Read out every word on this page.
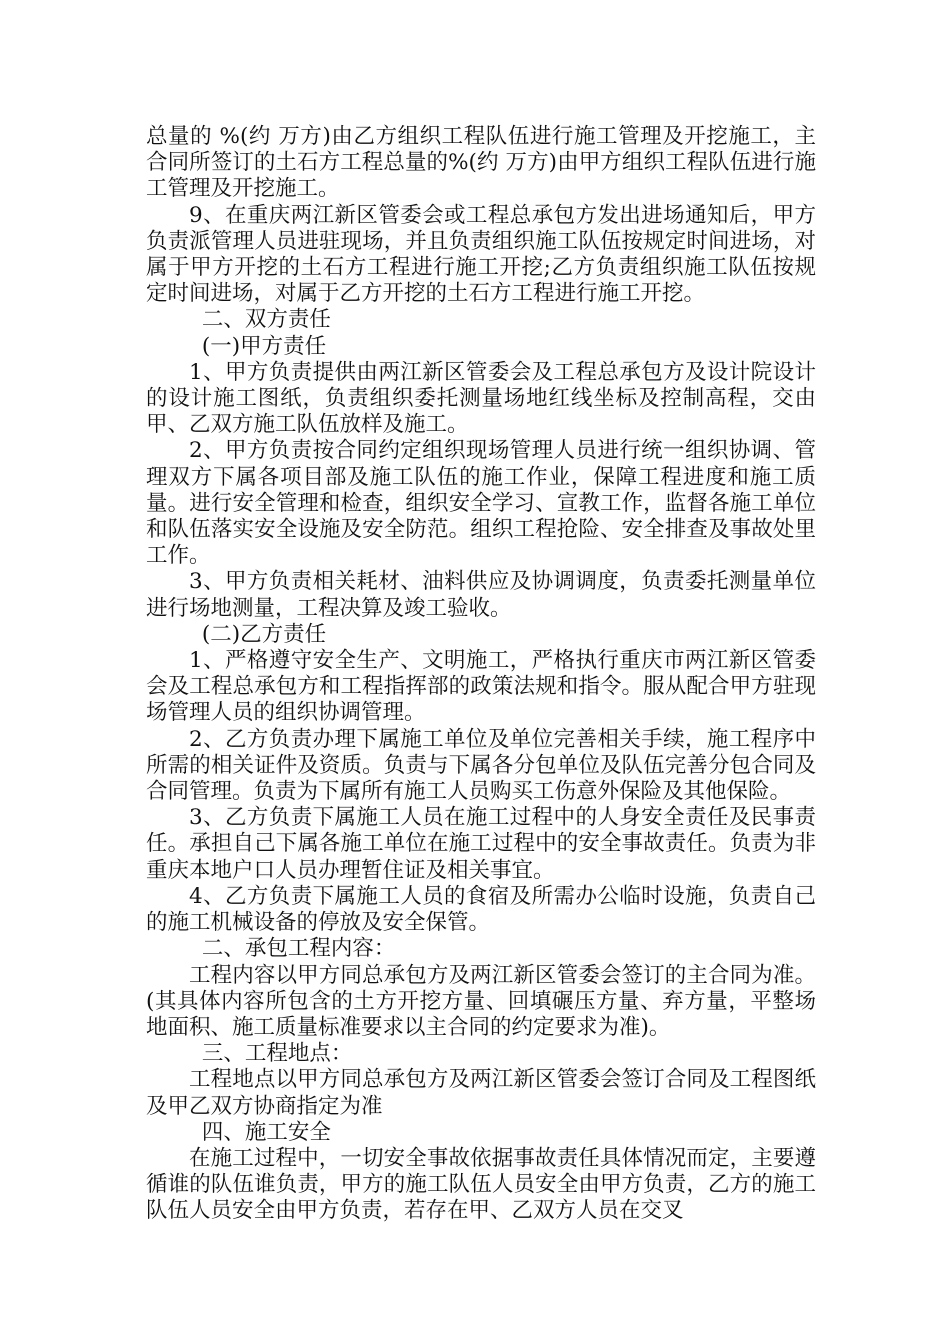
总量的 %(约 万方)由乙方组织工程队伍进行施工管理及开挖施工，主合同所签订的土石方工程总量的%(约 万方)由甲方组织工程队伍进行施工管理及开挖施工。

9、在重庆两江新区管委会或工程总承包方发出进场通知后，甲方负责派管理人员进驻现场，并且负责组织施工队伍按规定时间进场，对属于甲方开挖的土石方工程进行施工开挖;乙方负责组织施工队伍按规定时间进场，对属于乙方开挖的土石方工程进行施工开挖。

二、双方责任

(一)甲方责任

1、甲方负责提供由两江新区管委会及工程总承包方及设计院设计的设计施工图纸，负责组织委托测量场地红线坐标及控制高程，交由甲、乙双方施工队伍放样及施工。

2、甲方负责按合同约定组织现场管理人员进行统一组织协调、管理双方下属各项目部及施工队伍的施工作业，保障工程进度和施工质量。进行安全管理和检查，组织安全学习、宣教工作，监督各施工单位和队伍落实安全设施及安全防范。组织工程抢险、安全排查及事故处里工作。

3、甲方负责相关耗材、油料供应及协调调度，负责委托测量单位进行场地测量，工程决算及竣工验收。

(二)乙方责任

1、严格遵守安全生产、文明施工，严格执行重庆市两江新区管委会及工程总承包方和工程指挥部的政策法规和指令。服从配合甲方驻现场管理人员的组织协调管理。

2、乙方负责办理下属施工单位及单位完善相关手续，施工程序中所需的相关证件及资质。负责与下属各分包单位及队伍完善分包合同及合同管理。负责为下属所有施工人员购买工伤意外保险及其他保险。

3、乙方负责下属施工人员在施工过程中的人身安全责任及民事责任。承担自己下属各施工单位在施工过程中的安全事故责任。负责为非重庆本地户口人员办理暂住证及相关事宜。

4、乙方负责下属施工人员的食宿及所需办公临时设施，负责自己的施工机械设备的停放及安全保管。

二、承包工程内容：

工程内容以甲方同总承包方及两江新区管委会签订的主合同为准。(其具体内容所包含的土方开挖方量、回填碾压方量、弃方量，平整场地面积、施工质量标准要求以主合同的约定要求为准)。

三、工程地点：

工程地点以甲方同总承包方及两江新区管委会签订合同及工程图纸及甲乙双方协商指定为准

四、施工安全

在施工过程中，一切安全事故依据事故责任具体情况而定，主要遵循谁的队伍谁负责，甲方的施工队伍人员安全由甲方负责，乙方的施工队伍人员安全由甲方负责，若存在甲、乙双方人员在交叉
